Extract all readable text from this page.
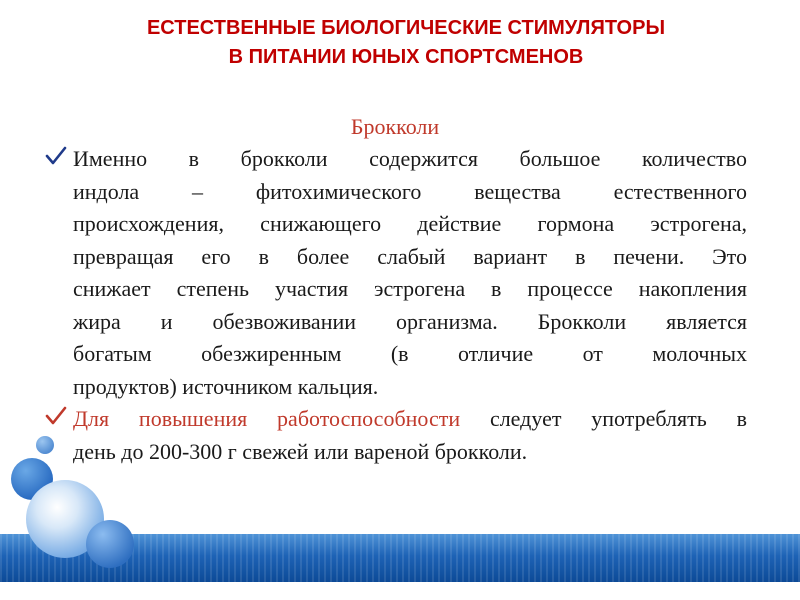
ЕСТЕСТВЕННЫЕ БИОЛОГИЧЕСКИЕ СТИМУЛЯТОРЫ
В ПИТАНИИ ЮНЫХ СПОРТСМЕНОВ
Брокколи
Именно в брокколи содержится большое количество
индола – фитохимического вещества естественного
происхождения, снижающего действие гормона эстрогена,
превращая его в более слабый вариант в печени. Это
снижает степень участия эстрогена в процессе накопления
жира и обезвоживании организма. Брокколи является
богатым обезжиренным (в отличие от молочных
продуктов) источником кальция.
Для повышения работоспособности следует употреблять в
день до 200-300 г свежей или вареной брокколи.
